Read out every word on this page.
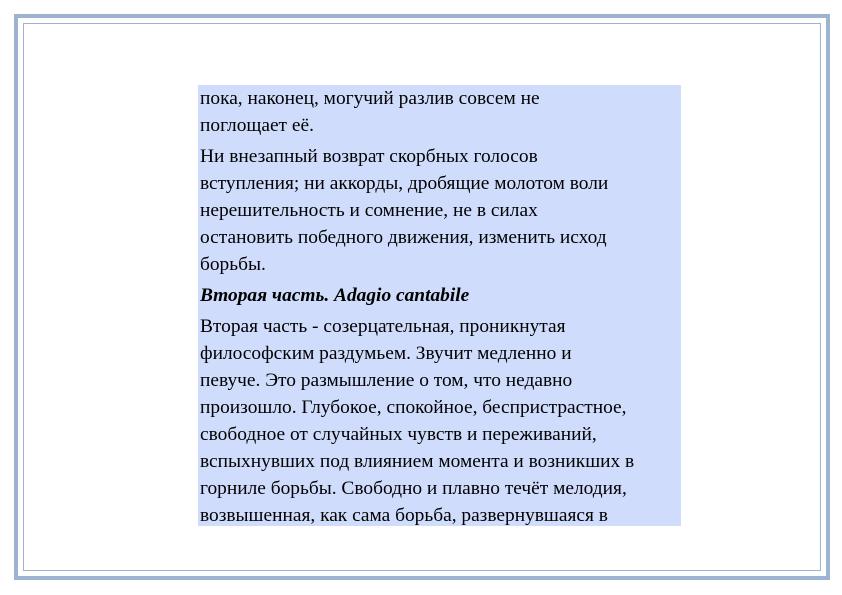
пока, наконец, могучий разлив совсем не

поглощает её.

Ни внезапный возврат скорбных голосов

вступления; ни аккорды, дробящие молотом воли

нерешительность и сомнение, не в силах

остановить победного движения, изменить исход

борьбы.

Вторая часть. Adagio cantabile

Вторая часть - созерцательная, проникнутая

философским раздумьем. Звучит медленно и

певуче. Это размышление о том, что недавно

произошло. Глубокое, спокойное, беспристрастное,

свободное от случайных чувств и переживаний,

вспыхнувших под влиянием момента и возникших в

горниле борьбы. Свободно и плавно течёт мелодия,

возвышенная, как сама борьба, развернувшаяся в
